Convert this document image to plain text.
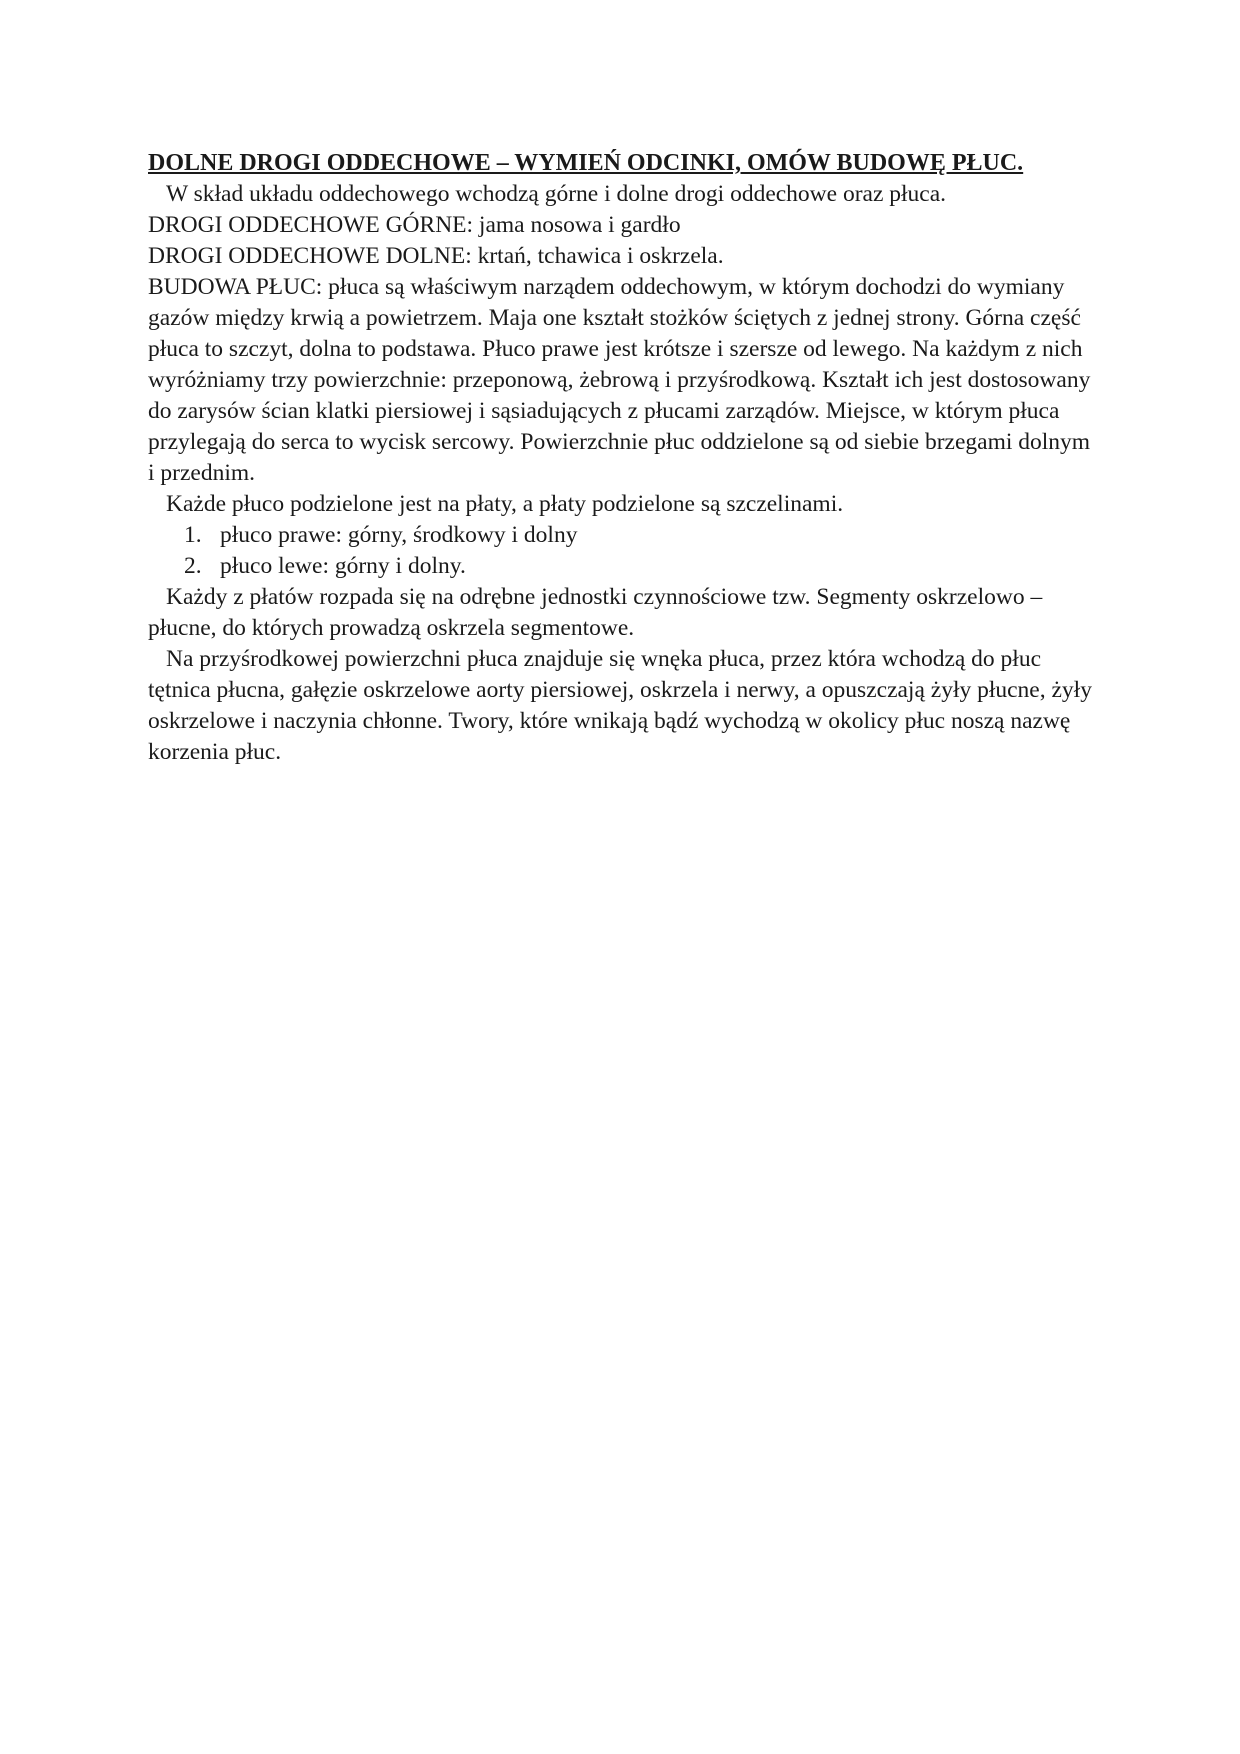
DOLNE DROGI ODDECHOWE – WYMIEŃ ODCINKI, OMÓW BUDOWĘ PŁUC.

W skład układu oddechowego wchodzą górne i dolne drogi oddechowe oraz płuca.

DROGI ODDECHOWE GÓRNE: jama nosowa i gardło

DROGI ODDECHOWE DOLNE: krtań, tchawica i oskrzela.

BUDOWA PŁUC: płuca są właściwym narządem oddechowym, w którym dochodzi do wymiany gazów między krwią a powietrzem. Maja one kształt stożków ściętych z jednej strony. Górna część płuca to szczyt, dolna to podstawa. Płuco prawe jest krótsze i szersze od lewego. Na każdym z nich wyróżniamy trzy powierzchnie: przeponową, żebrową i przyśrodkową. Kształt ich jest dostosowany do zarysów ścian klatki piersiowej i sąsiadujących z płucami zarządów. Miejsce, w którym płuca przylegają do serca to wycisk sercowy. Powierzchnie płuc oddzielone są od siebie brzegami dolnym i przednim.

Każde płuco podzielone jest na płaty, a płaty podzielone są szczelinami.

1. płuco prawe: górny, środkowy i dolny
2. płuco lewe: górny i dolny.

Każdy z płatów rozpada się na odrębne jednostki czynnościowe tzw. Segmenty oskrzelowo – płucne, do których prowadzą oskrzela segmentowe.

Na przyśrodkowej powierzchni płuca znajduje się wnęka płuca, przez która wchodzą do płuc tętnica płucna, gałęzie oskrzelowe aorty piersiowej, oskrzela i nerwy, a opuszczają żyły płucne, żyły oskrzelowe i naczynia chłonne. Twory, które wnikają bądź wychodzą w okolicy płuc noszą nazwę korzenia płuc.
